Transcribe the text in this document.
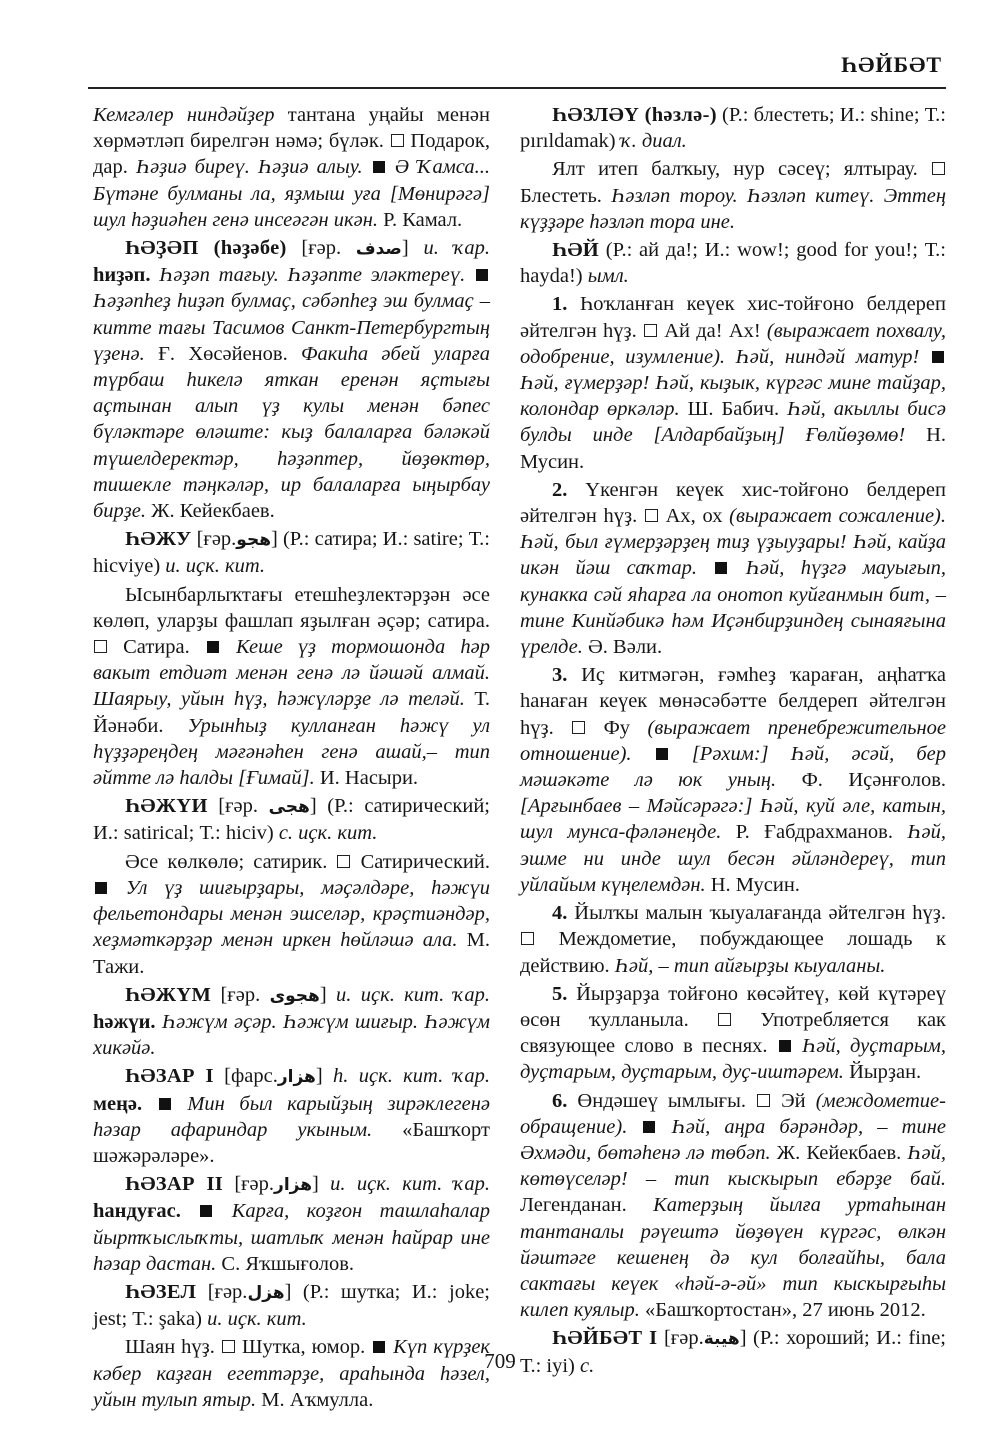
ҺӘЙБӘТ

Кемгәлер ниндәйҙер тантана уңайы менән хөрмәтләп бирелгән нәмә; бүләк.  Подарок, дар. Һәҙиә биреү. Һәҙиә алыу.  Ә Ҡамса... Бүтәне булманы ла, яҙмыш уға [Мөнирәгә] шул һәҙиәһен генә инсеәгән икән. Р. Камал.

ҺӘҘӘП (һәҙәбе) [ғәр. صدف] и. ҡар. һиҙәп. Һәҙәп тағыу. Һәҙәпте эләктереү.  Һәҙәпһеҙ һиҙәп булмаҫ, сәбәпһеҙ эш булмаҫ – китте тағы Тасимов Санкт-Петербургтың үҙенә. Ғ. Хөсәйенов. Факиһа әбей уларға түрбаш һикелә яткан еренән яҫтығы аҫтынан алып үҙ кулы менән бәпес бүләктәре өләште: кыҙ балаларға бәләкәй түшелдеректәр, һәҙәптер, йөҙөктөр, тишекле тәңкәләр, ир балаларға ыңырбау бирҙе. Ж. Кейекбаев.

ҺӘЖУ [ғәр.هجو] (Р.: сатира; И.: satire; Т.: hicviye) и. иҫк. кит.

Ысынбарлыҡтағы етешһеҙлектәрҙән әсе көлөп, уларҙы фашлап яҙылған әҫәр; сатира.  Сатира.  Кеше үҙ тормошонда һәр вакыт етдиәт менән генә лә йәшәй алмай. Шаярыу, уйын һүҙ, һәжүләрҙе лә теләй. Т. Йәнәби. Урынһыҙ кулланған һәжү ул һүҙҙәреңдең мәғәнәһен генә ашай,– тип әйтте лә һалды [Ғимай]. И. Насыри.

ҺӘЖҮИ [ғәр. هجى] (Р.: сатирический; И.: satirical; Т.: hiciv) с. иҫк. кит.

Әсе көлкөлө; сатирик.  Сатирический.  Ул үҙ шиғырҙары, мәҫәлдәре, һәжүи фельетондары менән эшселәр, крәҫтиәндәр, хеҙмәткәрҙәр менән иркен һөйләшә ала. М. Тажи.

ҺӘЖҮМ [ғәр. هجوى] и. иҫк. кит. ҡар. һәжүи. Һәжүм әҫәр. Һәжүм шиғыр. Һәжүм хикәйә.

ҺӘЗАР I [фарс.هزار] һ. иҫк. кит. ҡар. меңә.  Мин был карыйҙың зирәклегенә һәзар афариндар укыным. «Башҡорт шәжәрәләре».

ҺӘЗАР II [ғәр.هزار] и. иҫк. кит. ҡар. һандуғас.  Карға, коҙғон ташлаһалар йыртҡыслыҡты, шатлыҡ менән һайрар ине һәзар дастан. С. Яҡшығолов.

ҺӘЗЕЛ [ғәр.هزل] (Р.: шутка; И.: joke; jest; Т.: şaka) и. иҫк. кит.

Шаян һүҙ.  Шутка, юмор.  Күп күрҙек кәбер каҙған егеттәрҙе, араһында һәзел, уйын тулып ятыр. М. Аҡмулла.

ҺӘЗЛӘҮ (һәзлә-) (Р.: блестеть; И.: shine; Т.: pırıldamak) ҡ. диал.

Ялт итеп балҡыу, нур сәсеү; ялтырау.  Блестеть. Һәзләп тороу. Һәзләп китеү. Эттең күҙҙәре һәзләп тора ине.

ҺӘЙ (Р.: ай да!; И.: wow!; good for you!; Т.: hayda!) ымл.

1. Һоҡланған кеүек хис-тойғоно белдереп әйтелгән һүҙ.  Ай да! Ах! (выражает похвалу, одобрение, изумление). Һәй, ниндәй матур!  Һәй, ғүмерҙәр! Һәй, кыҙык, күргәс мине тайҙар, колондар өркәләр. Ш. Бабич. Һәй, акыллы бисә булды инде [Алдарбайҙың] Ғөлйөҙөмө! Н. Мусин.

2. Үкенгән кеүек хис-тойғоно белдереп әйтелгән һүҙ.  Ах, ох (выражает сожаление). Һәй, был ғүмерҙәрҙең тиҙ үҙыуҙары! Һәй, кайҙа икән йәш саҡтар.  Һәй, һүҙгә мауығып, кунакка сәй яһарға ла онотоп куйғанмын бит, – тине Кинйәбикә һәм Иҫәнбирҙиндең сынаяғына үрелде. Ә. Вәли.

3. Иҫ китмәгән, ғәмһеҙ ҡараған, аңһатҡа һанаған кеүек мөнәсәбәтте белдереп әйтелгән һүҙ.  Фу (выражает пренебрежительное отношение).  [Рәхим:] Һәй, әсәй, бер мәшәкәте лә юк уның. Ф. Иҫәнғолов. [Арғынбаев – Мәйсәрәгә:] Һәй, куй әле, катын, шул мунса-фәләнеңде. Р. Ғабдрахманов. Һәй, эшме ни инде шул бесән әйләндереү, тип уйлайым күңелемдән. Н. Мусин.

4. Йылҡы малын ҡыуалағанда әйтелгән һүҙ.  Междометие, побуждающее лошадь к действию. Һәй, – тип айғырҙы кыуаланы.

5. Йырҙарҙа тойғоно көсәйтеү, көй күтәреү өсөн ҡулланыла.  Употребляется как связующее слово в песнях.  Һәй, дуҫтарым, дуҫтарым, дуҫтарым, дуҫ-иштәрем. Йырҙан.

6. Өндәшеү ымлығы.  Эй (междометие-обращение).  Һәй, аңра бәрәндәр, – тине Әхмәди, бөтәһенә лә төбәп. Ж. Кейекбаев. Һәй, көтөүселәр! – тип кыскырып ебәрҙе бай. Легенданан. Катерҙың йылға уртаһынан тантаналы рәүештә йөҙөүен күргәс, өлкән йәштәге кешенең дә кул болғайһы, бала сактағы кеүек «һәй-ә-әй» тип кыскырғыһы килеп куялыр. «Башҡортостан», 27 июнь 2012.

ҺӘЙБӘТ I [ғәр.هيبة] (Р.: хороший; И.: fine; Т.: iyi) с.

709
